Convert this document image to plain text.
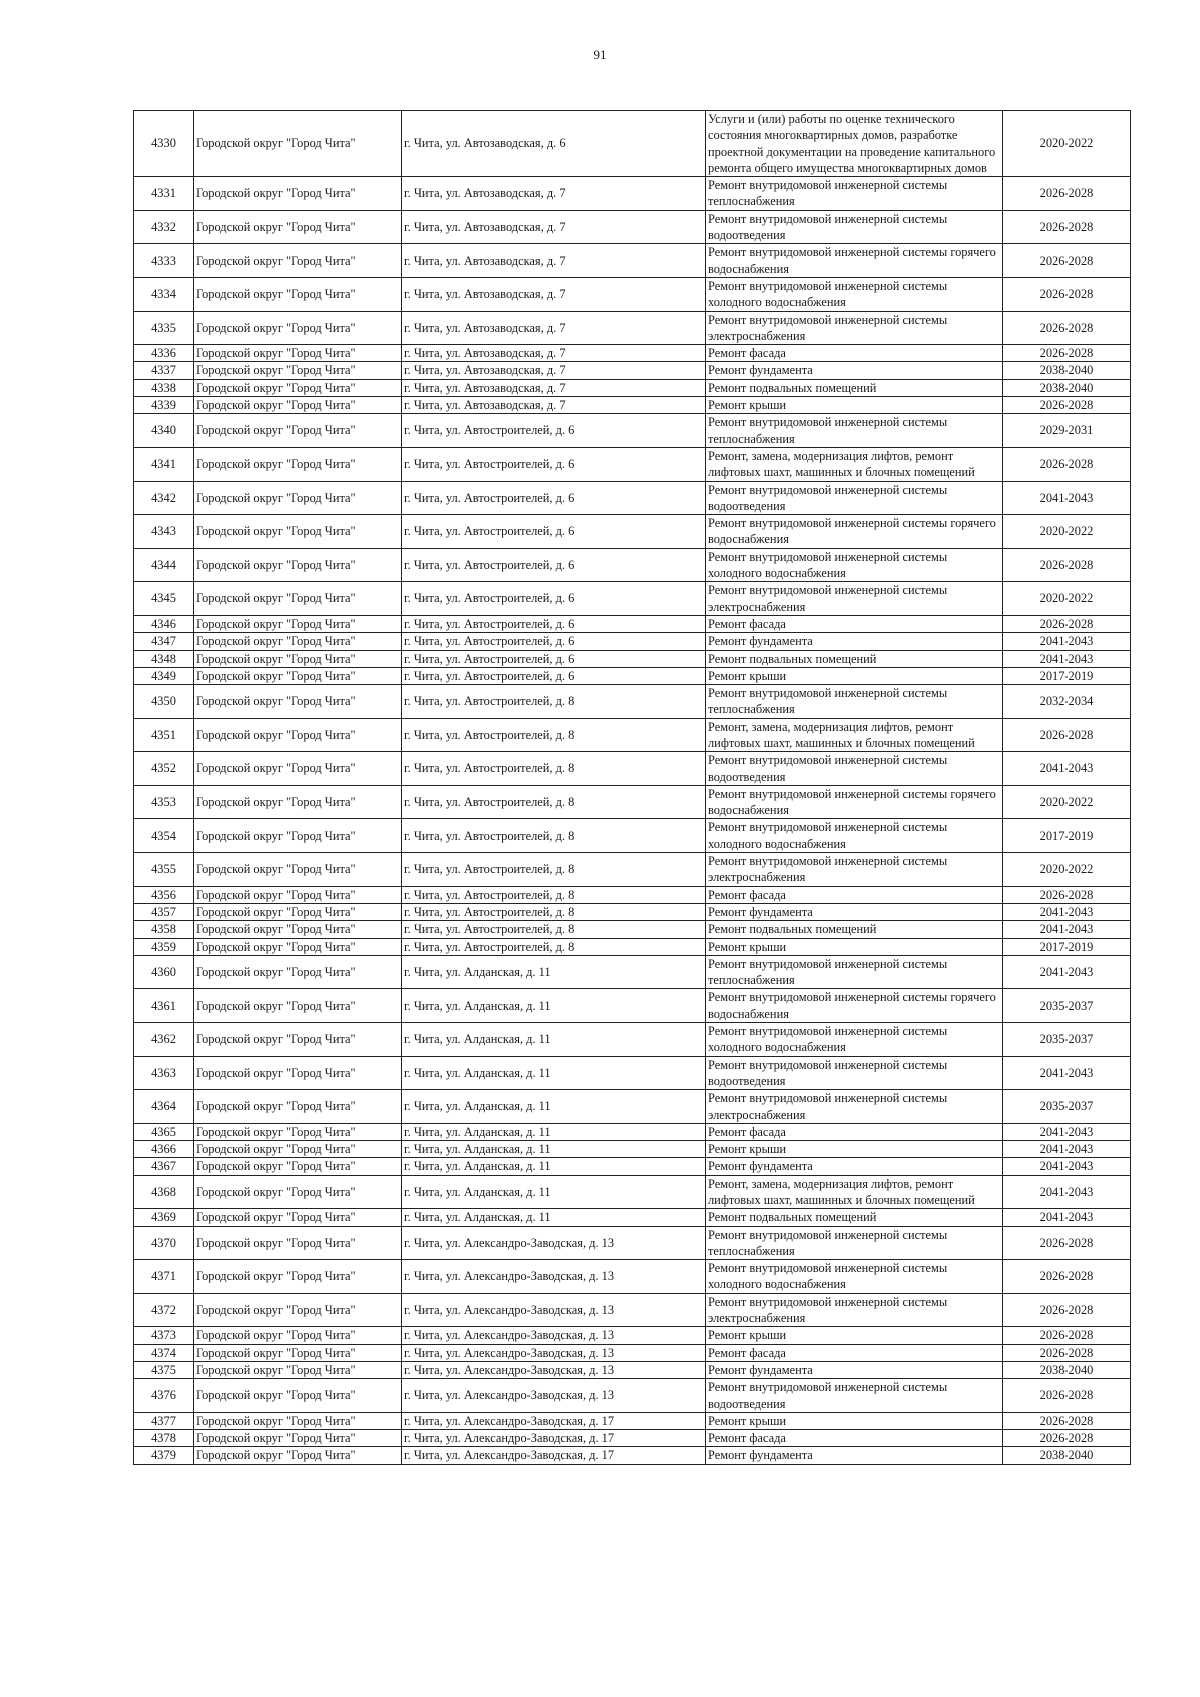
91
4330	Городской округ "Город Чита"	г. Чита, ул. Автозаводская, д. 6	Услуги и (или) работы по оценке технического состояния многоквартирных домов, разработке проектной документации на проведение капитального ремонта общего имущества многоквартирных домов	2020-2022
4331	Городской округ "Город Чита"	г. Чита, ул. Автозаводская, д. 7	Ремонт внутридомовой инженерной системы теплоснабжения	2026-2028
4332	Городской округ "Город Чита"	г. Чита, ул. Автозаводская, д. 7	Ремонт внутридомовой инженерной системы водоотведения	2026-2028
4333	Городской округ "Город Чита"	г. Чита, ул. Автозаводская, д. 7	Ремонт внутридомовой инженерной системы горячего водоснабжения	2026-2028
4334	Городской округ "Город Чита"	г. Чита, ул. Автозаводская, д. 7	Ремонт внутридомовой инженерной системы холодного водоснабжения	2026-2028
4335	Городской округ "Город Чита"	г. Чита, ул. Автозаводская, д. 7	Ремонт внутридомовой инженерной системы электроснабжения	2026-2028
4336	Городской округ "Город Чита"	г. Чита, ул. Автозаводская, д. 7	Ремонт фасада	2026-2028
4337	Городской округ "Город Чита"	г. Чита, ул. Автозаводская, д. 7	Ремонт фундамента	2038-2040
4338	Городской округ "Город Чита"	г. Чита, ул. Автозаводская, д. 7	Ремонт подвальных помещений	2038-2040
4339	Городской округ "Город Чита"	г. Чита, ул. Автозаводская, д. 7	Ремонт крыши	2026-2028
4340	Городской округ "Город Чита"	г. Чита, ул. Автостроителей, д. 6	Ремонт внутридомовой инженерной системы теплоснабжения	2029-2031
4341	Городской округ "Город Чита"	г. Чита, ул. Автостроителей, д. 6	Ремонт, замена, модернизация лифтов, ремонт лифтовых шахт, машинных и блочных помещений	2026-2028
4342	Городской округ "Город Чита"	г. Чита, ул. Автостроителей, д. 6	Ремонт внутридомовой инженерной системы водоотведения	2041-2043
4343	Городской округ "Город Чита"	г. Чита, ул. Автостроителей, д. 6	Ремонт внутридомовой инженерной системы горячего водоснабжения	2020-2022
4344	Городской округ "Город Чита"	г. Чита, ул. Автостроителей, д. 6	Ремонт внутридомовой инженерной системы холодного водоснабжения	2026-2028
4345	Городской округ "Город Чита"	г. Чита, ул. Автостроителей, д. 6	Ремонт внутридомовой инженерной системы электроснабжения	2020-2022
4346	Городской округ "Город Чита"	г. Чита, ул. Автостроителей, д. 6	Ремонт фасада	2026-2028
4347	Городской округ "Город Чита"	г. Чита, ул. Автостроителей, д. 6	Ремонт фундамента	2041-2043
4348	Городской округ "Город Чита"	г. Чита, ул. Автостроителей, д. 6	Ремонт подвальных помещений	2041-2043
4349	Городской округ "Город Чита"	г. Чита, ул. Автостроителей, д. 6	Ремонт крыши	2017-2019
4350	Городской округ "Город Чита"	г. Чита, ул. Автостроителей, д. 8	Ремонт внутридомовой инженерной системы теплоснабжения	2032-2034
4351	Городской округ "Город Чита"	г. Чита, ул. Автостроителей, д. 8	Ремонт, замена, модернизация лифтов, ремонт лифтовых шахт, машинных и блочных помещений	2026-2028
4352	Городской округ "Город Чита"	г. Чита, ул. Автостроителей, д. 8	Ремонт внутридомовой инженерной системы водоотведения	2041-2043
4353	Городской округ "Город Чита"	г. Чита, ул. Автостроителей, д. 8	Ремонт внутридомовой инженерной системы горячего водоснабжения	2020-2022
4354	Городской округ "Город Чита"	г. Чита, ул. Автостроителей, д. 8	Ремонт внутридомовой инженерной системы холодного водоснабжения	2017-2019
4355	Городской округ "Город Чита"	г. Чита, ул. Автостроителей, д. 8	Ремонт внутридомовой инженерной системы электроснабжения	2020-2022
4356	Городской округ "Город Чита"	г. Чита, ул. Автостроителей, д. 8	Ремонт фасада	2026-2028
4357	Городской округ "Город Чита"	г. Чита, ул. Автостроителей, д. 8	Ремонт фундамента	2041-2043
4358	Городской округ "Город Чита"	г. Чита, ул. Автостроителей, д. 8	Ремонт подвальных помещений	2041-2043
4359	Городской округ "Город Чита"	г. Чита, ул. Автостроителей, д. 8	Ремонт крыши	2017-2019
4360	Городской округ "Город Чита"	г. Чита, ул. Алданская, д. 11	Ремонт внутридомовой инженерной системы теплоснабжения	2041-2043
4361	Городской округ "Город Чита"	г. Чита, ул. Алданская, д. 11	Ремонт внутридомовой инженерной системы горячего водоснабжения	2035-2037
4362	Городской округ "Город Чита"	г. Чита, ул. Алданская, д. 11	Ремонт внутридомовой инженерной системы холодного водоснабжения	2035-2037
4363	Городской округ "Город Чита"	г. Чита, ул. Алданская, д. 11	Ремонт внутридомовой инженерной системы водоотведения	2041-2043
4364	Городской округ "Город Чита"	г. Чита, ул. Алданская, д. 11	Ремонт внутридомовой инженерной системы электроснабжения	2035-2037
4365	Городской округ "Город Чита"	г. Чита, ул. Алданская, д. 11	Ремонт фасада	2041-2043
4366	Городской округ "Город Чита"	г. Чита, ул. Алданская, д. 11	Ремонт крыши	2041-2043
4367	Городской округ "Город Чита"	г. Чита, ул. Алданская, д. 11	Ремонт фундамента	2041-2043
4368	Городской округ "Город Чита"	г. Чита, ул. Алданская, д. 11	Ремонт, замена, модернизация лифтов, ремонт лифтовых шахт, машинных и блочных помещений	2041-2043
4369	Городской округ "Город Чита"	г. Чита, ул. Алданская, д. 11	Ремонт подвальных помещений	2041-2043
4370	Городской округ "Город Чита"	г. Чита, ул. Александро-Заводская, д. 13	Ремонт внутридомовой инженерной системы теплоснабжения	2026-2028
4371	Городской округ "Город Чита"	г. Чита, ул. Александро-Заводская, д. 13	Ремонт внутридомовой инженерной системы холодного водоснабжения	2026-2028
4372	Городской округ "Город Чита"	г. Чита, ул. Александро-Заводская, д. 13	Ремонт внутридомовой инженерной системы электроснабжения	2026-2028
4373	Городской округ "Город Чита"	г. Чита, ул. Александро-Заводская, д. 13	Ремонт крыши	2026-2028
4374	Городской округ "Город Чита"	г. Чита, ул. Александро-Заводская, д. 13	Ремонт фасада	2026-2028
4375	Городской округ "Город Чита"	г. Чита, ул. Александро-Заводская, д. 13	Ремонт фундамента	2038-2040
4376	Городской округ "Город Чита"	г. Чита, ул. Александро-Заводская, д. 13	Ремонт внутридомовой инженерной системы водоотведения	2026-2028
4377	Городской округ "Город Чита"	г. Чита, ул. Александро-Заводская, д. 17	Ремонт крыши	2026-2028
4378	Городской округ "Город Чита"	г. Чита, ул. Александро-Заводская, д. 17	Ремонт фасада	2026-2028
4379	Городской округ "Город Чита"	г. Чита, ул. Александро-Заводская, д. 17	Ремонт фундамента	2038-2040
